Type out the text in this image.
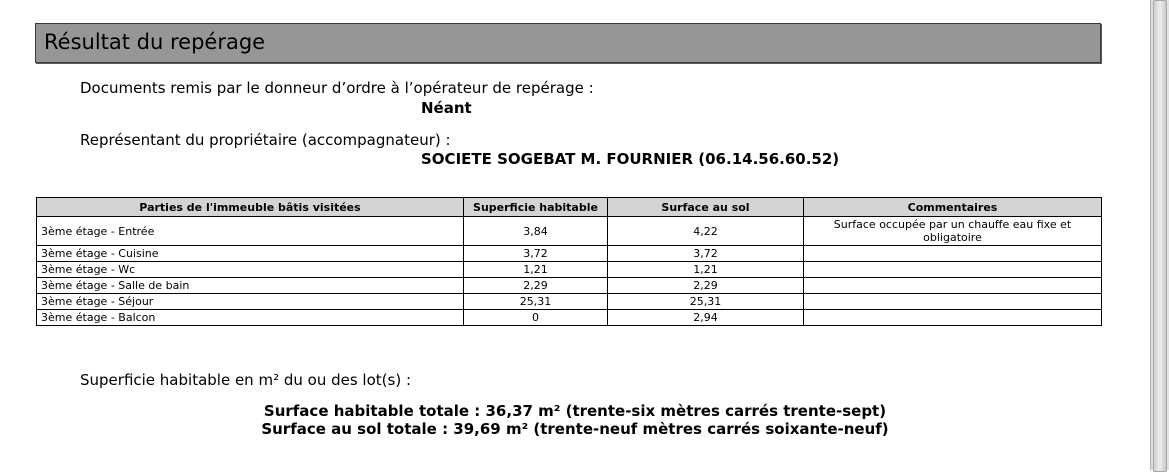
Résultat du repérage
Documents remis par le donneur d’ordre à l’opérateur de repérage :
Néant
Représentant du propriétaire (accompagnateur) :
SOCIETE SOGEBAT M. FOURNIER (06.14.56.60.52)
Parties de l'immeuble bâtis visitées	Superficie habitable	Surface au sol	Commentaires
3ème étage - Entrée	3,84	4,22	Surface occupée par un chauffe eau fixe et obligatoire
3ème étage - Cuisine	3,72	3,72	
3ème étage - Wc	1,21	1,21	
3ème étage - Salle de bain	2,29	2,29	
3ème étage - Séjour	25,31	25,31	
3ème étage - Balcon	0	2,94	
Superficie habitable en m² du ou des lot(s) :
Surface habitable totale : 36,37 m² (trente-six mètres carrés trente-sept)
Surface au sol totale : 39,69 m² (trente-neuf mètres carrés soixante-neuf)
